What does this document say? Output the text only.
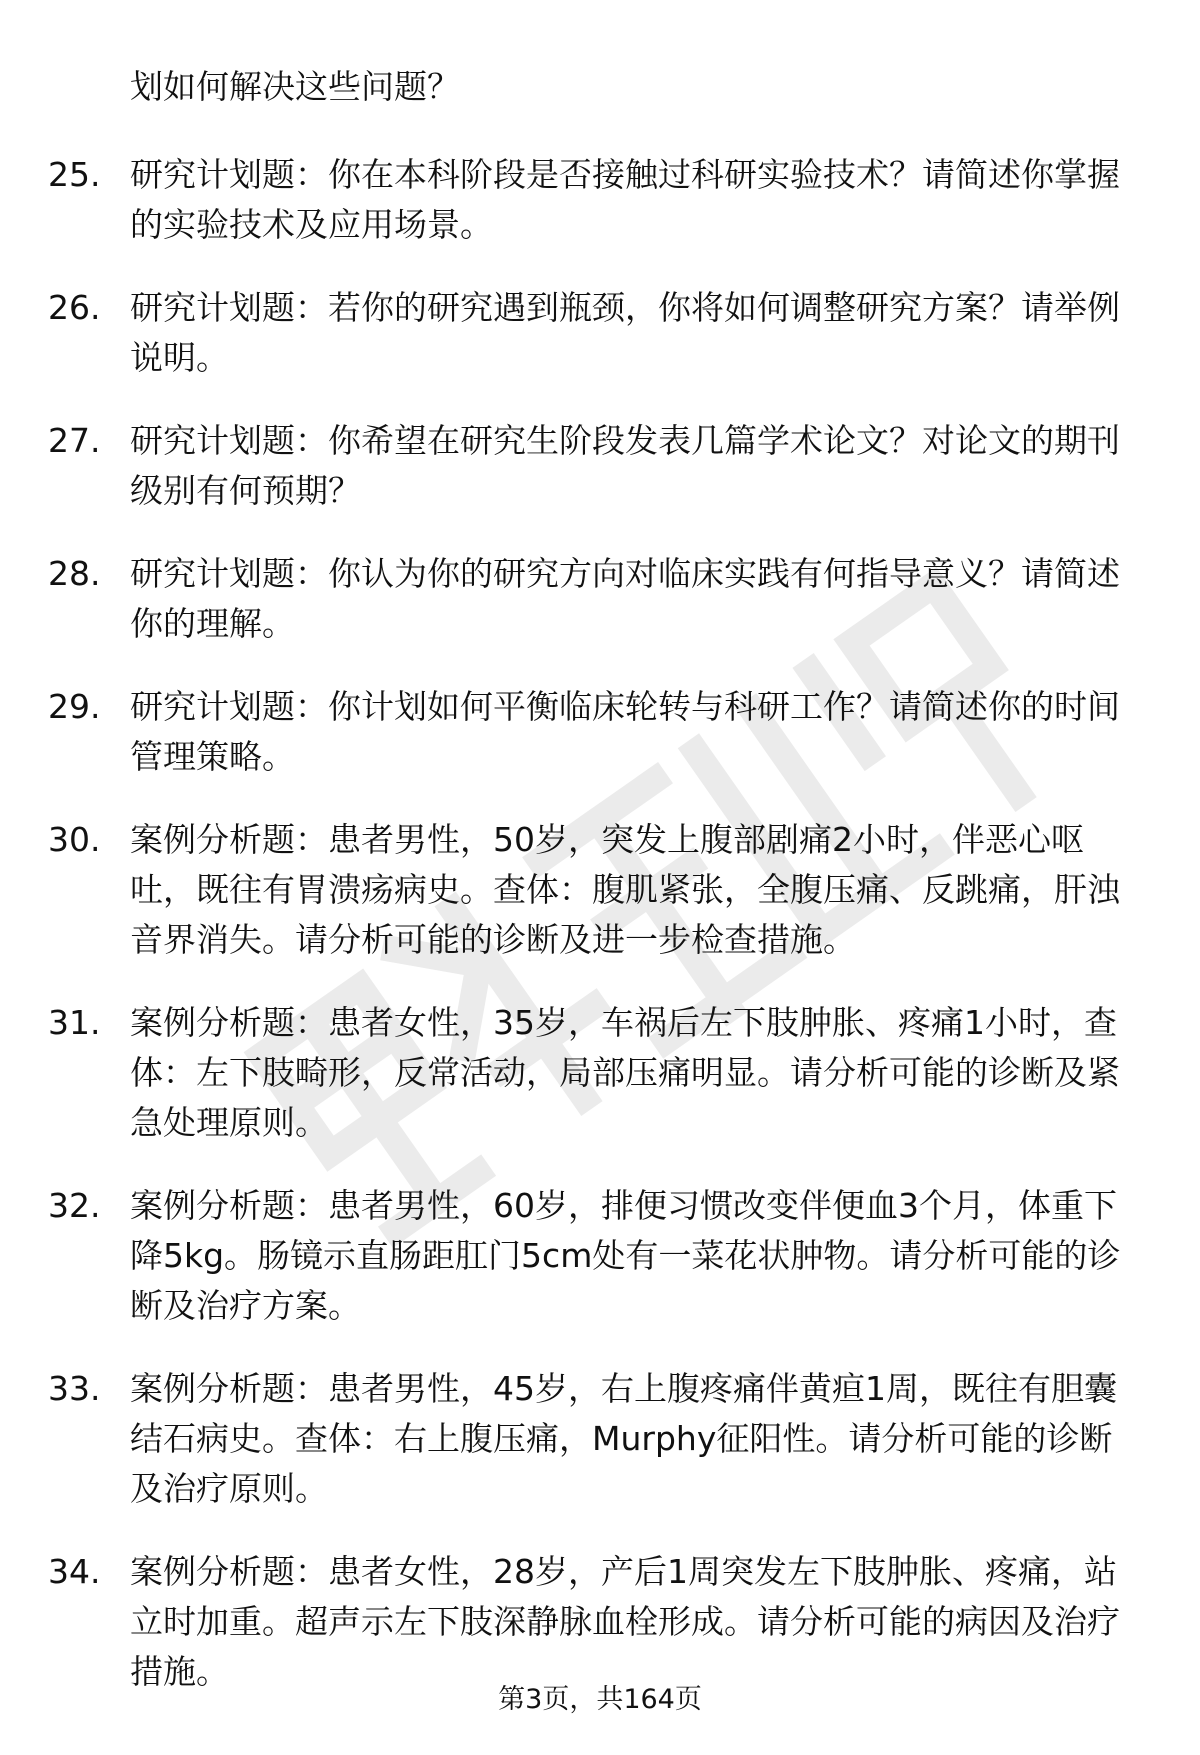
划如何解决这些问题？
25. 研究计划题：你在本科阶段是否接触过科研实验技术？请简述你掌握的实验技术及应用场景。
26. 研究计划题：若你的研究遇到瓶颈，你将如何调整研究方案？请举例说明。
27. 研究计划题：你希望在研究生阶段发表几篇学术论文？对论文的期刊级别有何预期？
28. 研究计划题：你认为你的研究方向对临床实践有何指导意义？请简述你的理解。
29. 研究计划题：你计划如何平衡临床轮转与科研工作？请简述你的时间管理策略。
30. 案例分析题：患者男性，50岁，突发上腹部剧痛2小时，伴恶心呕吐，既往有胃溃疡病史。查体：腹肌紧张，全腹压痛、反跳痛，肝浊音界消失。请分析可能的诊断及进一步检查措施。
31. 案例分析题：患者女性，35岁，车祸后左下肢肿胀、疼痛1小时，查体：左下肢畸形，反常活动，局部压痛明显。请分析可能的诊断及紧急处理原则。
32. 案例分析题：患者男性，60岁，排便习惯改变伴便血3个月，体重下降5kg。肠镜示直肠距肛门5cm处有一菜花状肿物。请分析可能的诊断及治疗方案。
33. 案例分析题：患者男性，45岁，右上腹疼痛伴黄疸1周，既往有胆囊结石病史。查体：右上腹压痛，Murphy征阳性。请分析可能的诊断及治疗原则。
34. 案例分析题：患者女性，28岁，产后1周突发左下肢肿胀、疼痛，站立时加重。超声示左下肢深静脉血栓形成。请分析可能的病因及治疗措施。
第3页，共164页
